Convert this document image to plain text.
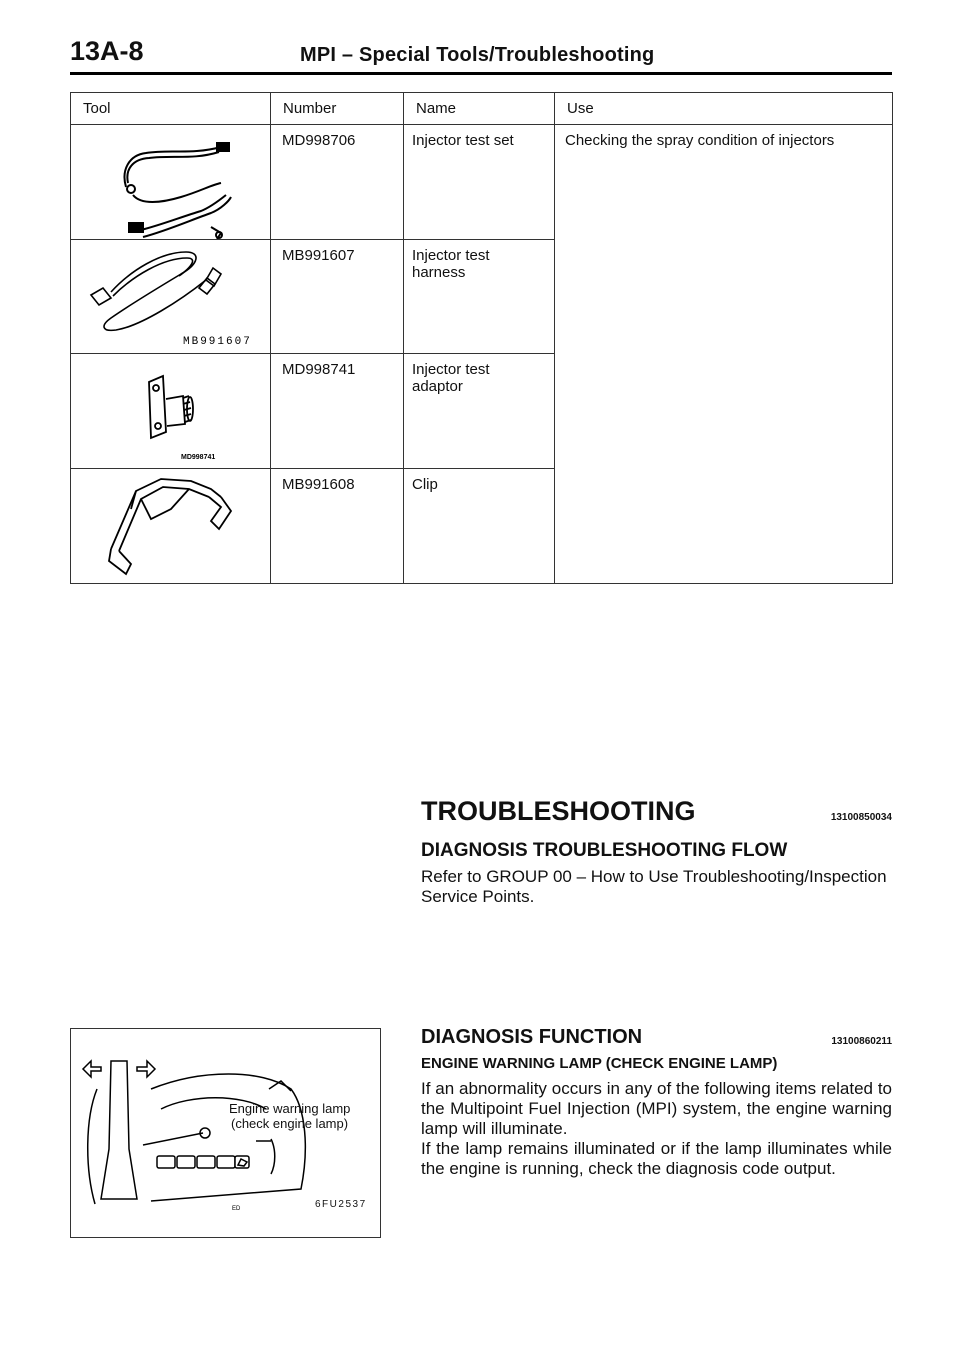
13A-8	MPI – Special Tools/Troubleshooting
Tool	Number	Name	Use

	MD998706	Injector test set	Checking the spray condition of injectors

MB991607	MB991607	Injector test
harness	

MD998741	MD998741	Injector test
adaptor	

	MB991608	Clip	
TROUBLESHOOTING	13100850034
DIAGNOSIS TROUBLESHOOTING FLOW

Refer to GROUP 00 – How to Use Troubleshooting/Inspection

Service Points.

DIAGNOSIS FUNCTION	13100860211
ENGINE WARNING LAMP (CHECK ENGINE LAMP)

If an abnormality occurs in any of the following items related to the Multipoint Fuel Injection (MPI) system, the engine warning lamp will illuminate.

If the lamp remains illuminated or if the lamp illuminates while the engine is running, check the diagnosis code output.

ED
Engine warning lamp
(check engine lamp)
6FU2537
